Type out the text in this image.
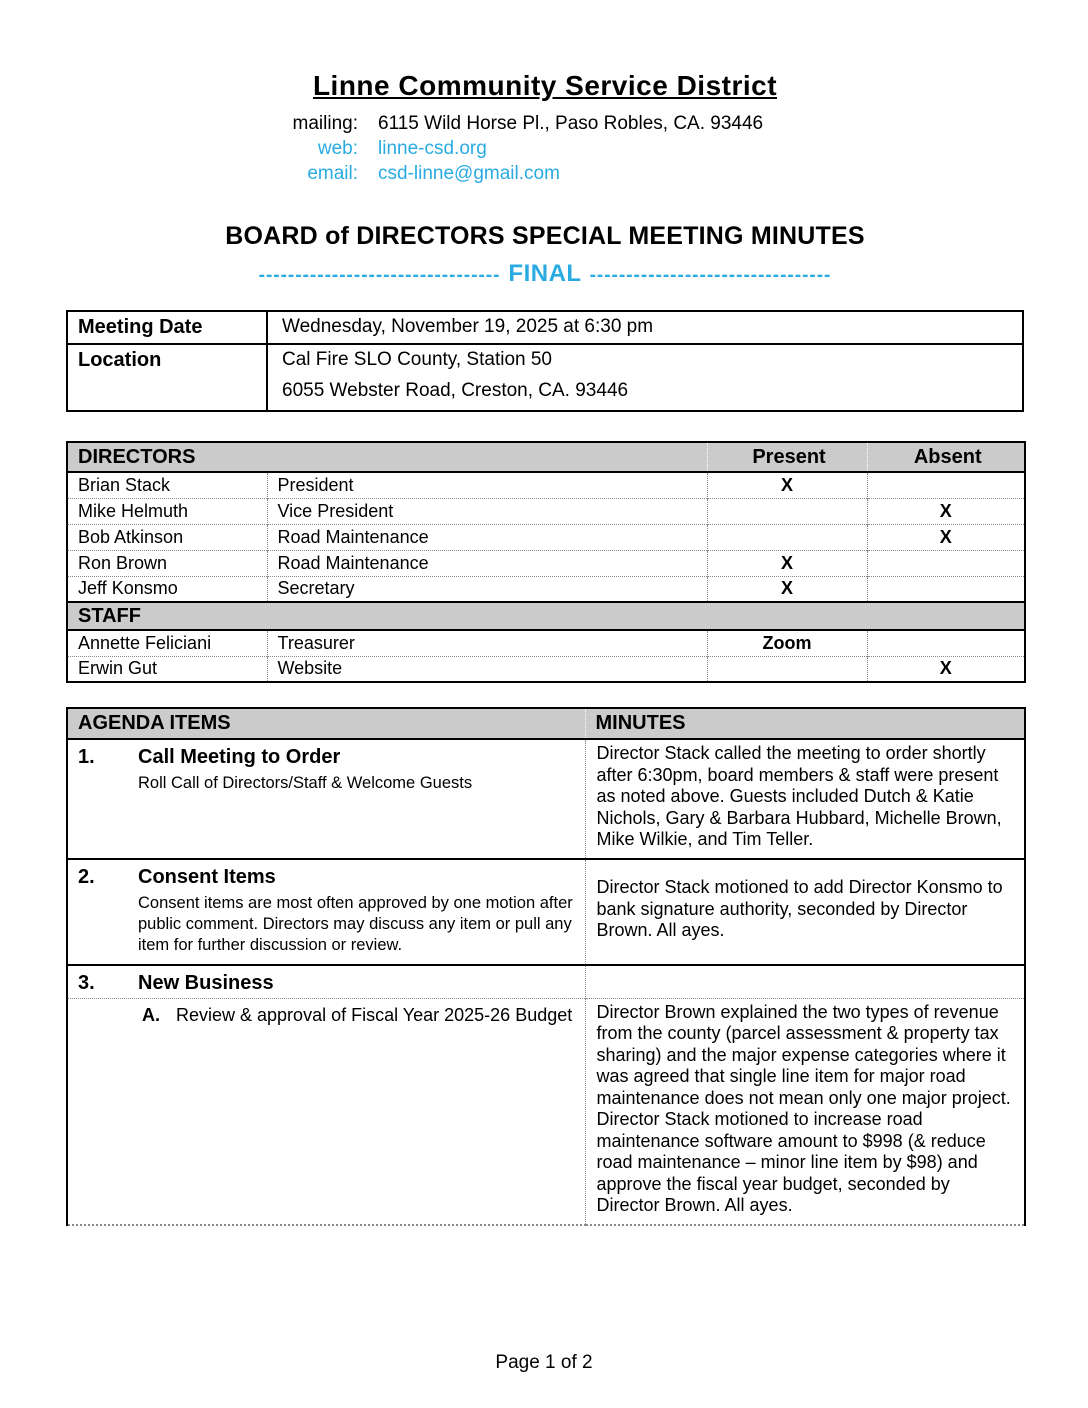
Linne Community Service District
mailing: 6115 Wild Horse Pl., Paso Robles, CA. 93446
web: linne-csd.org
email: csd-linne@gmail.com
BOARD of DIRECTORS SPECIAL MEETING MINUTES
--------------------------------- FINAL ---------------------------------
Meeting Date	Wednesday, November 19, 2025 at 6:30 pm
Location	Cal Fire SLO County, Station 50
6055 Webster Road, Creston, CA. 93446
DIRECTORS		Present	Absent
Brian Stack	President	X	
Mike Helmuth	Vice President		X
Bob Atkinson	Road Maintenance		X
Ron Brown	Road Maintenance	X	
Jeff Konsmo	Secretary	X	
STAFF			
Annette Feliciani	Treasurer	Zoom	
Erwin Gut	Website		X
AGENDA ITEMS	MINUTES

1.	Call Meeting to Order
Roll Call of Directors/Staff & Welcome Guests
	Director Stack called the meeting to order shortly after 6:30pm, board members & staff were present as noted above. Guests included Dutch & Katie Nichols, Gary & Barbara Hubbard, Michelle Brown, Mike Wilkie, and Tim Teller.

2. Consent Items
Consent items are most often approved by one motion after public comment. Directors may discuss any item or pull any item for further discussion or review.	Director Stack motioned to add Director Konsmo to bank signature authority, seconded by Director Brown. All ayes.

3. New Business	

A. Review & approval of Fiscal Year 2025-26 Budget	Director Brown explained the two types of revenue from the county (parcel assessment & property tax sharing) and the major expense categories where it was agreed that single line item for major road maintenance does not mean only one major project. Director Stack motioned to increase road maintenance software amount to $998 (& reduce road maintenance – minor line item by $98) and approve the fiscal year budget, seconded by Director Brown. All ayes.
Page 1 of 2
